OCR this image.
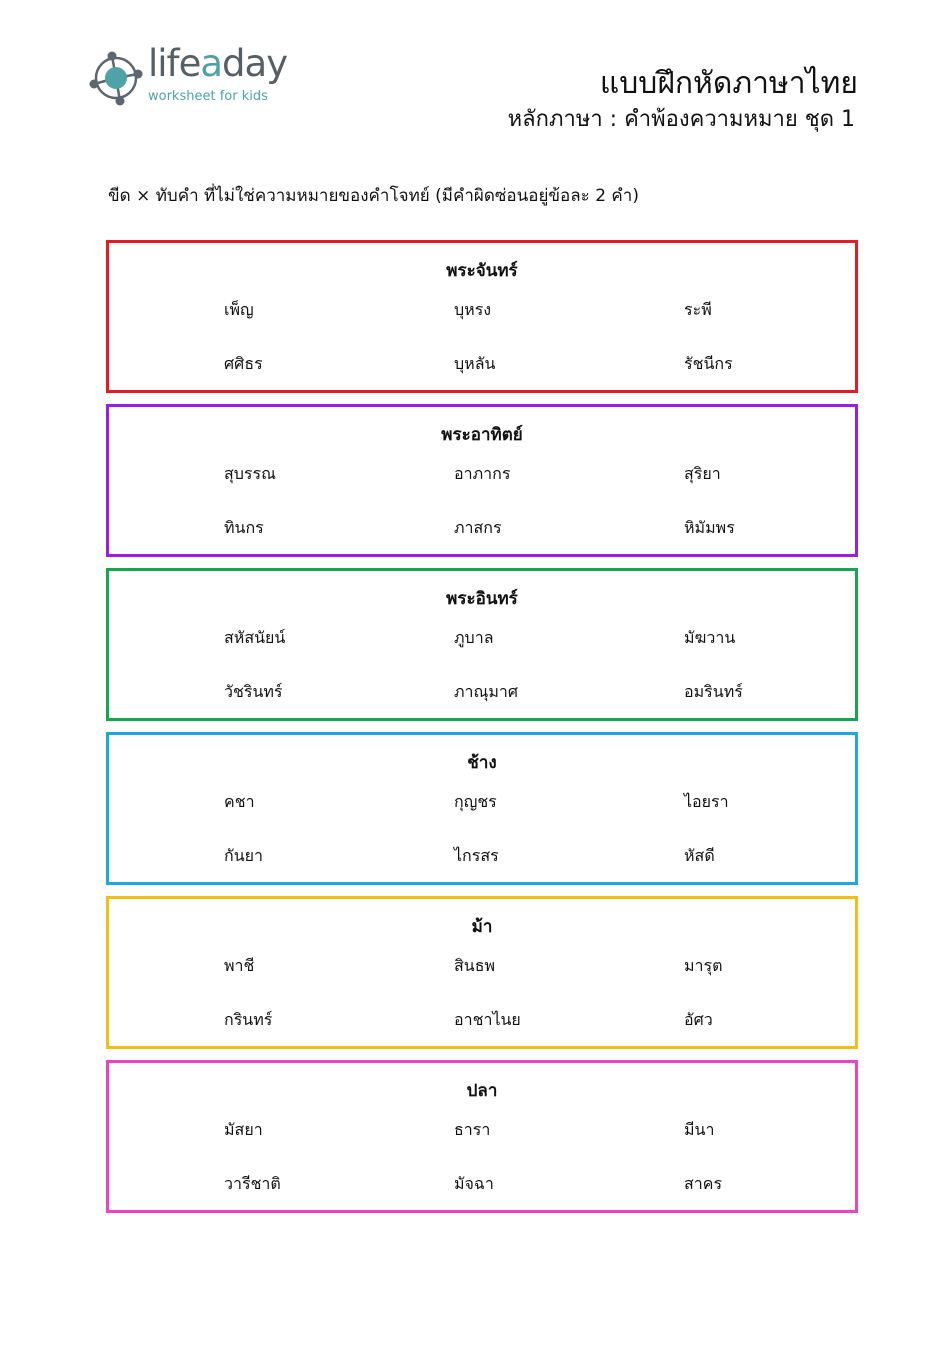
lifeaday
worksheet for kids	แบบฝึกหัดภาษาไทย
หลักภาษา : คำพ้องความหมาย ชุด 1
ขีด × ทับคำ ที่ไม่ใช่ความหมายของคำโจทย์ (มีคำผิดซ่อนอยู่ข้อละ 2 คำ)
พระจันทร์
เพ็ญ	บุหรง	ระพี
ศศิธร	บุหลัน	รัชนีกร
พระอาทิตย์
สุบรรณ	อาภากร	สุริยา
ทินกร	ภาสกร	หิมัมพร
พระอินทร์
สหัสนัยน์	ภูบาล	มัฆวาน
วัชรินทร์	ภาณุมาศ	อมรินทร์
ช้าง
คชา	กุญชร	ไอยรา
กันยา	ไกรสร	หัสดี
ม้า
พาชี	สินธพ	มารุต
กรินทร์	อาชาไนย	อัศว
ปลา
มัสยา	ธารา	มีนา
วารีชาติ	มัจฉา	สาคร
